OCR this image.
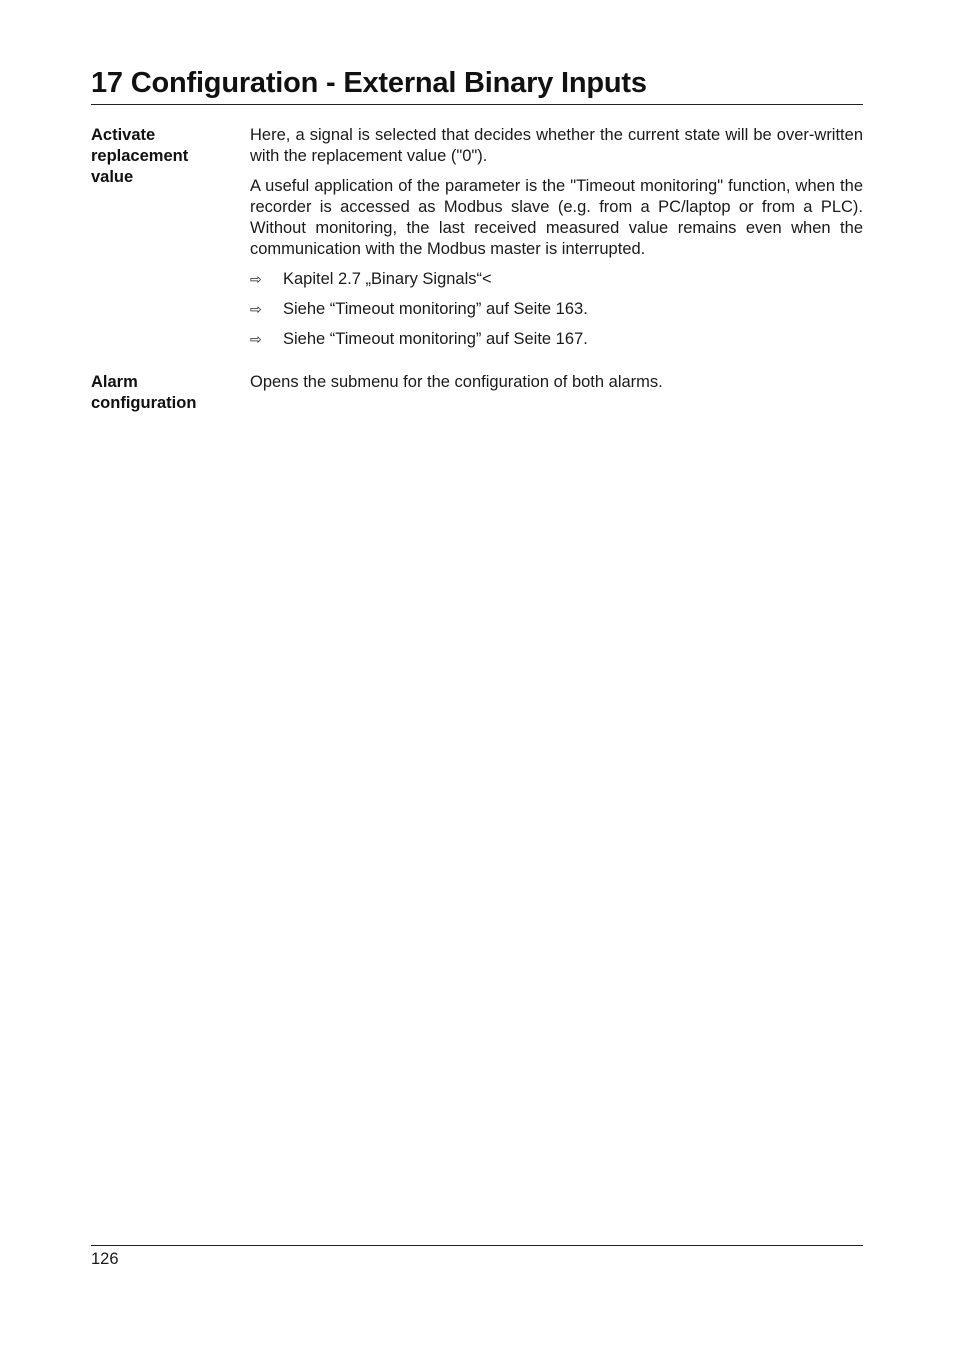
17 Configuration - External Binary Inputs
Activate
replacement
value

Here, a signal is selected that decides whether the current state will be over-written with the replacement value ("0").

A useful application of the parameter is the "Timeout monitoring" function, when the recorder is accessed as Modbus slave (e.g. from a PC/laptop or from a PLC). Without monitoring, the last received measured value remains even when the communication with the Modbus master is interrupted.

⇨	Kapitel 2.7 „Binary Signals“<
⇨	Siehe “Timeout monitoring” auf Seite 163.
⇨	Siehe “Timeout monitoring” auf Seite 167.
Alarm
configuration

Opens the submenu for the configuration of both alarms.

126
